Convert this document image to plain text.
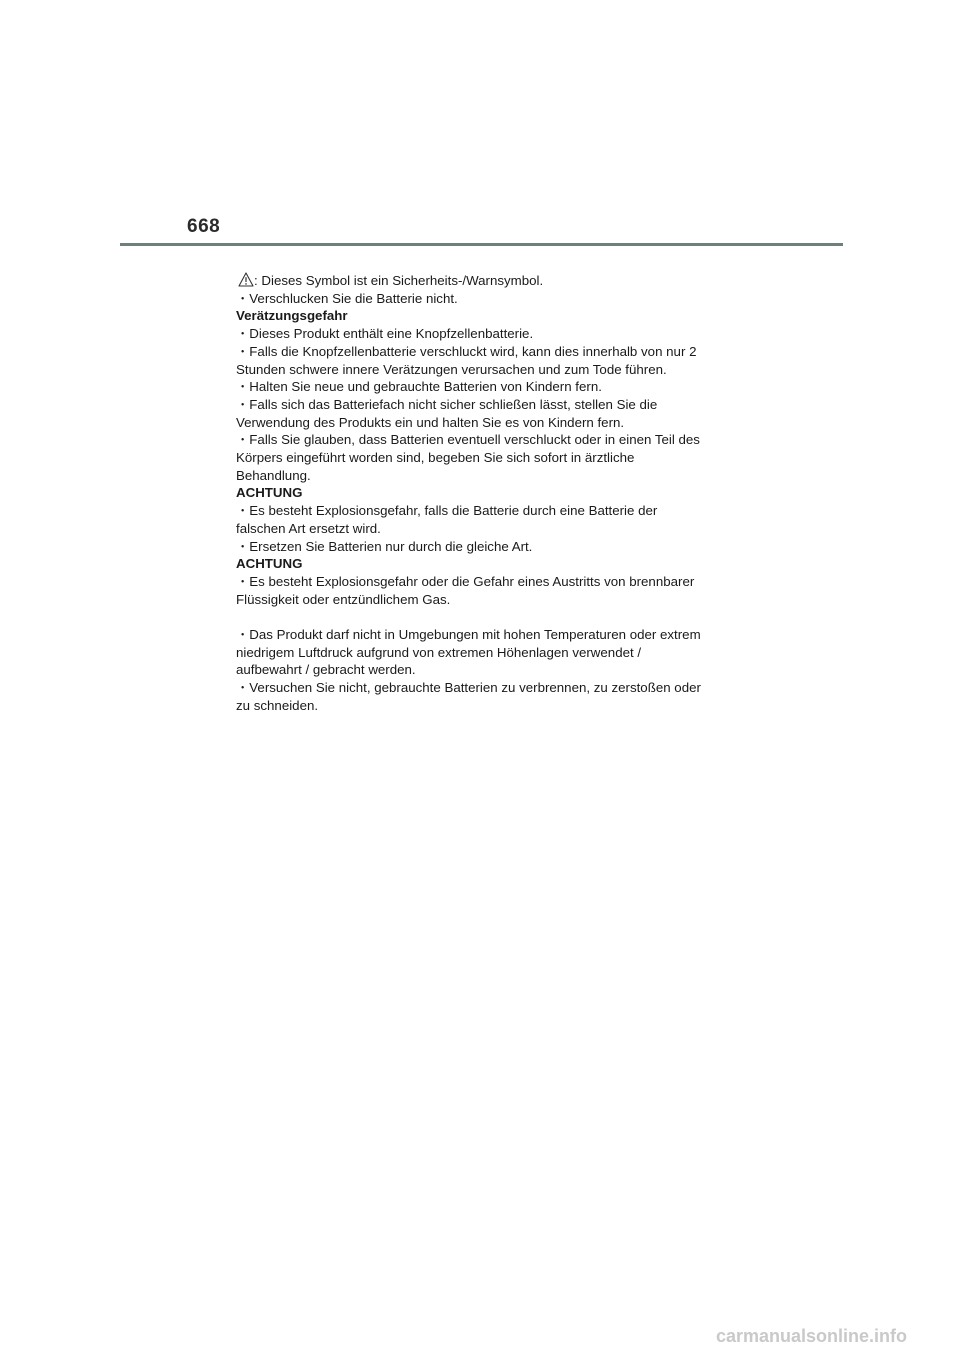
668

: Dieses Symbol ist ein Sicherheits-/Warnsymbol.

・Verschlucken Sie die Batterie nicht.

Verätzungsgefahr

・Dieses Produkt enthält eine Knopfzellenbatterie.

・Falls die Knopfzellenbatterie verschluckt wird, kann dies innerhalb von nur 2

Stunden schwere innere Verätzungen verursachen und zum Tode führen.

・Halten Sie neue und gebrauchte Batterien von Kindern fern.

・Falls sich das Batteriefach nicht sicher schließen lässt, stellen Sie die

Verwendung des Produkts ein und halten Sie es von Kindern fern.

・Falls Sie glauben, dass Batterien eventuell verschluckt oder in einen Teil des

Körpers eingeführt worden sind, begeben Sie sich sofort in ärztliche

Behandlung.

ACHTUNG

・Es besteht Explosionsgefahr, falls die Batterie durch eine Batterie der

falschen Art ersetzt wird.

・Ersetzen Sie Batterien nur durch die gleiche Art.

ACHTUNG

・Es besteht Explosionsgefahr oder die Gefahr eines Austritts von brennbarer

Flüssigkeit oder entzündlichem Gas.

・Das Produkt darf nicht in Umgebungen mit hohen Temperaturen oder extrem

niedrigem Luftdruck aufgrund von extremen Höhenlagen verwendet /

aufbewahrt / gebracht werden.

・Versuchen Sie nicht, gebrauchte Batterien zu verbrennen, zu zerstoßen oder

zu schneiden.

carmanualsonline.info
